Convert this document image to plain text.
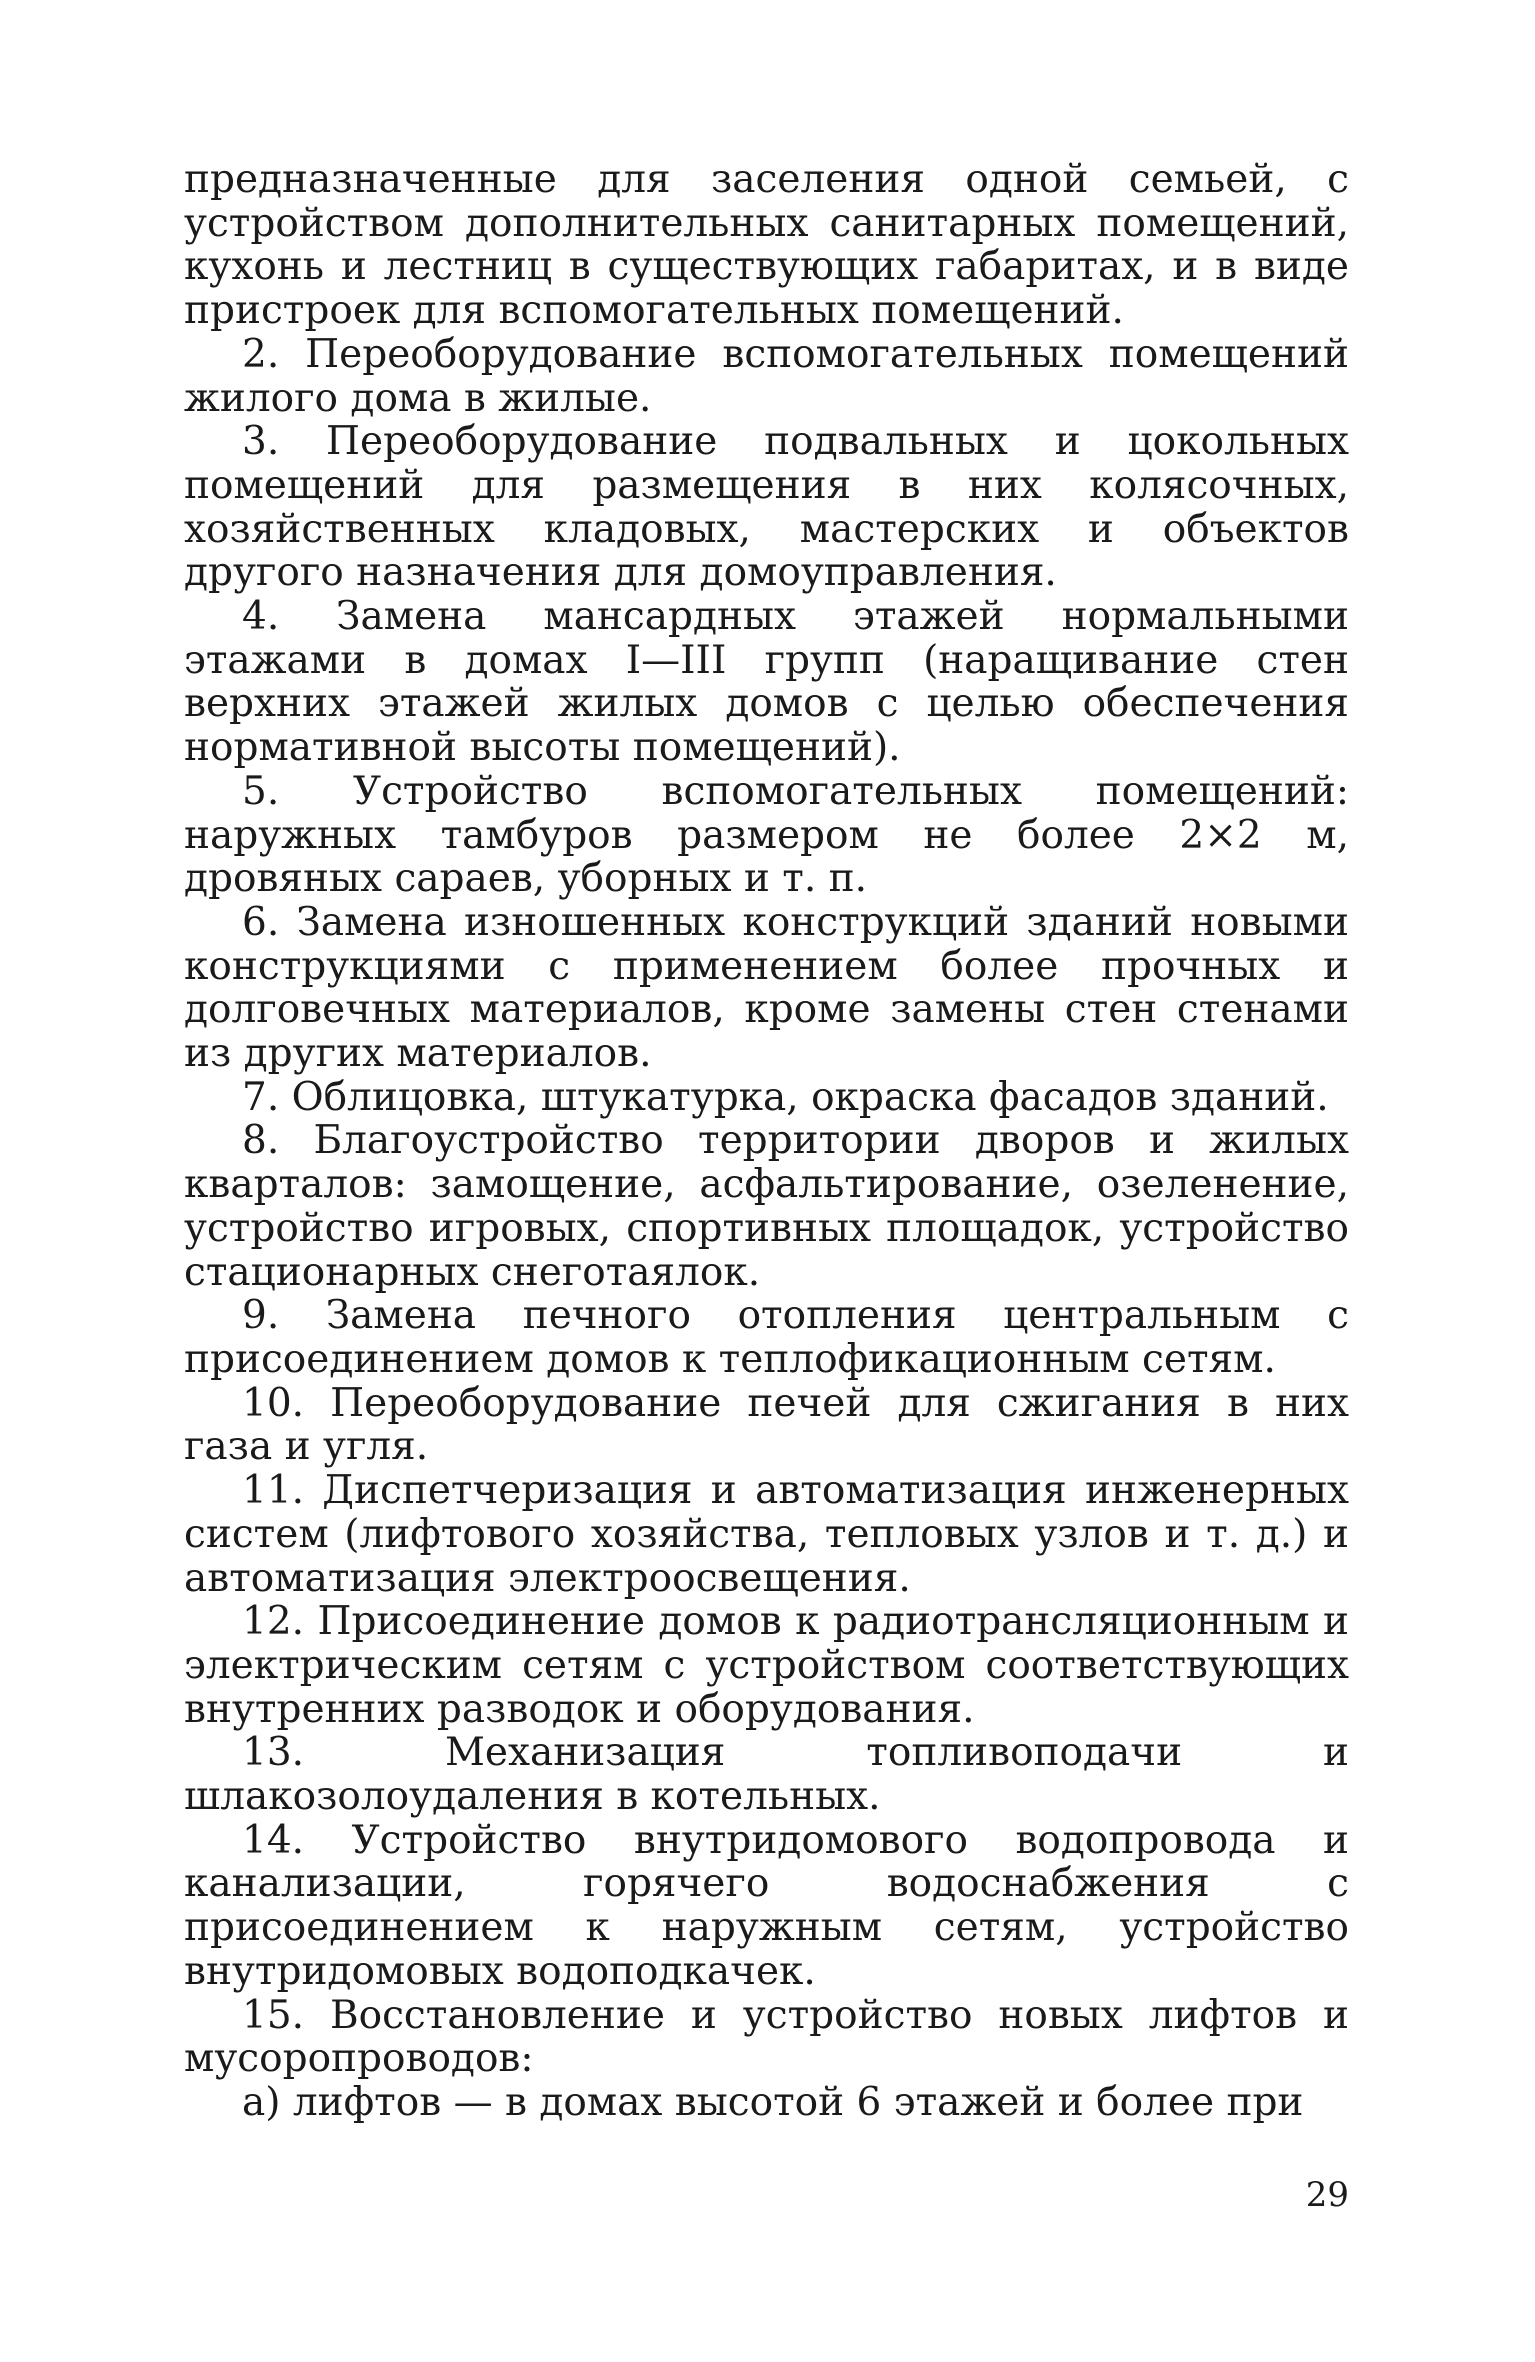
предназначенные для заселения одной семьей, с устройством дополнительных санитарных помещений, кухонь и лестниц в существующих габаритах, и в виде пристроек для вспомогательных помещений.

2. Переоборудование вспомогательных помещений жилого дома в жилые.

3. Переоборудование подвальных и цокольных помещений для размещения в них колясочных, хозяйственных кладовых, мастерских и объектов другого назначения для домоуправления.

4. Замена мансардных этажей нормальными этажами в домах I—III групп (наращивание стен верхних этажей жилых домов с целью обеспечения нормативной высоты помещений).

5. Устройство вспомогательных помещений: наружных тамбуров размером не более 2×2 м, дровяных сараев, уборных и т. п.

6. Замена изношенных конструкций зданий новыми конструкциями с применением более прочных и долговечных материалов, кроме замены стен стенами из других материалов.

7. Облицовка, штукатурка, окраска фасадов зданий.

8. Благоустройство территории дворов и жилых кварталов: замощение, асфальтирование, озеленение, устройство игровых, спортивных площадок, устройство стационарных снеготаялок.

9. Замена печного отопления центральным с присоединением домов к теплофикационным сетям.

10. Переоборудование печей для сжигания в них газа и угля.

11. Диспетчеризация и автоматизация инженерных систем (лифтового хозяйства, тепловых узлов и т. д.) и автоматизация электроосвещения.

12. Присоединение домов к радиотрансляционным и электрическим сетям с устройством соответствующих внутренних разводок и оборудования.

13. Механизация топливоподачи и шлакозолоудаления в котельных.

14. Устройство внутридомового водопровода и канализации, горячего водоснабжения с присоединением к наружным сетям, устройство внутридомовых водоподкачек.

15. Восстановление и устройство новых лифтов и мусоропроводов:

а) лифтов — в домах высотой 6 этажей и более при

29
